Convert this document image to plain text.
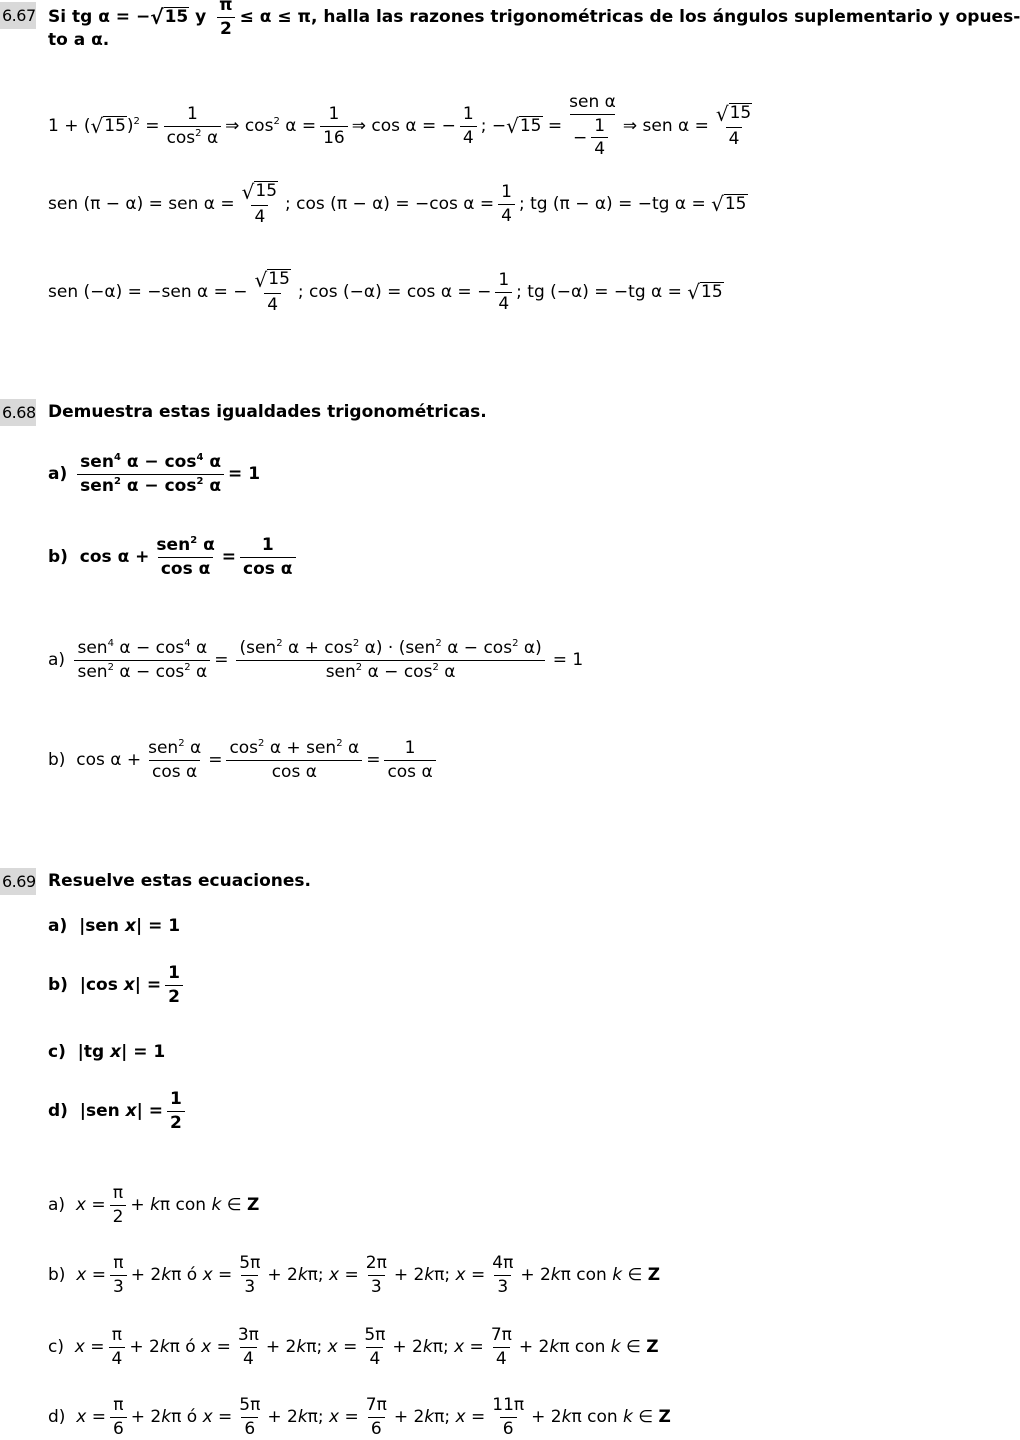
6.67 Si tg α = − √ 15 y $\frac{\pi}{2} \le \alpha \le \pi$, halla las razones trigonométricas de los ángulos suplementario y opues-
to a α.
1 + ( √ 15 )$^2 = \frac{1}{\cos^2 \alpha}$ ⇒ $\cos^2 \alpha = \frac{1}{16}$ ⇒ cos α = − $\frac{1}{4}$ ; − √ $15 = \frac{\text{sen α}}{- \frac{1}{4}}$ ⇒ sen $\alpha = \frac{√ 15}{4}$
sen (π − α) = sen $\alpha = \frac{√ 15}{4}$ ; cos (π − α) = −cos $\alpha = \frac{1}{4}$ ; tg (π − α) = −tg α = √ 15
sen (−α) = −sen α = − $\frac{√ 15}{4}$ ; cos (−α) = cos α = − $\frac{1}{4}$ ; tg (−α) = −tg α = √ 15
6.68 Demuestra estas igualdades trigonométricas.
$a) \frac{sen^4 \alpha - \cos^4 \alpha}{sen^2 \alpha - \cos^2 \alpha} = 1$
b)  $\cos \alpha + \frac{sen^2 \alpha}{\text{cos α}} = \frac{1}{\text{cos α}}$
$a) \frac{sen^4 \alpha - \cos^4 \alpha}{sen^2 \alpha - \cos^2 \alpha} = \frac{(sen^2 \alpha + \cos^2 \alpha) \cdot (sen^2 \alpha - \cos^2 \alpha)}{sen^2 \alpha - \cos^2 \alpha} = 1$
b)  $\cos \alpha + \frac{sen^2 \alpha}{\text{cos α}} = \frac{\cos^2 \alpha + sen^2 \alpha}{\text{cos α}} = \frac{1}{\text{cos α}}$
6.69 Resuelve estas ecuaciones.
a)  |sen x| = 1
b)  |cos $x| = \frac{1}{2}$
c)  |tg x| = 1
d)  |sen $x| = \frac{1}{2}$
a)  $x = \frac{\pi}{2} + k\pi$ con k ∈ Z
b)  $x = \frac{\pi}{3} + 2k\pi$ ó $x = \frac{5\pi}{3} + 2k\pi$; $x = \frac{2\pi}{3} + 2k\pi$; $x = \frac{4\pi}{3} + 2k\pi$ con k ∈ Z
c)  $x = \frac{\pi}{4} + 2k\pi$ ó $x = \frac{3\pi}{4} + 2k\pi$; $x = \frac{5\pi}{4} + 2k\pi$; $x = \frac{7\pi}{4} + 2k\pi$ con k ∈ Z
d)  $x = \frac{\pi}{6} + 2k\pi$ ó $x = \frac{5\pi}{6} + 2k\pi$; $x = \frac{7\pi}{6} + 2k\pi$; $x = \frac{11\pi}{6} + 2k\pi$ con k ∈ Z
